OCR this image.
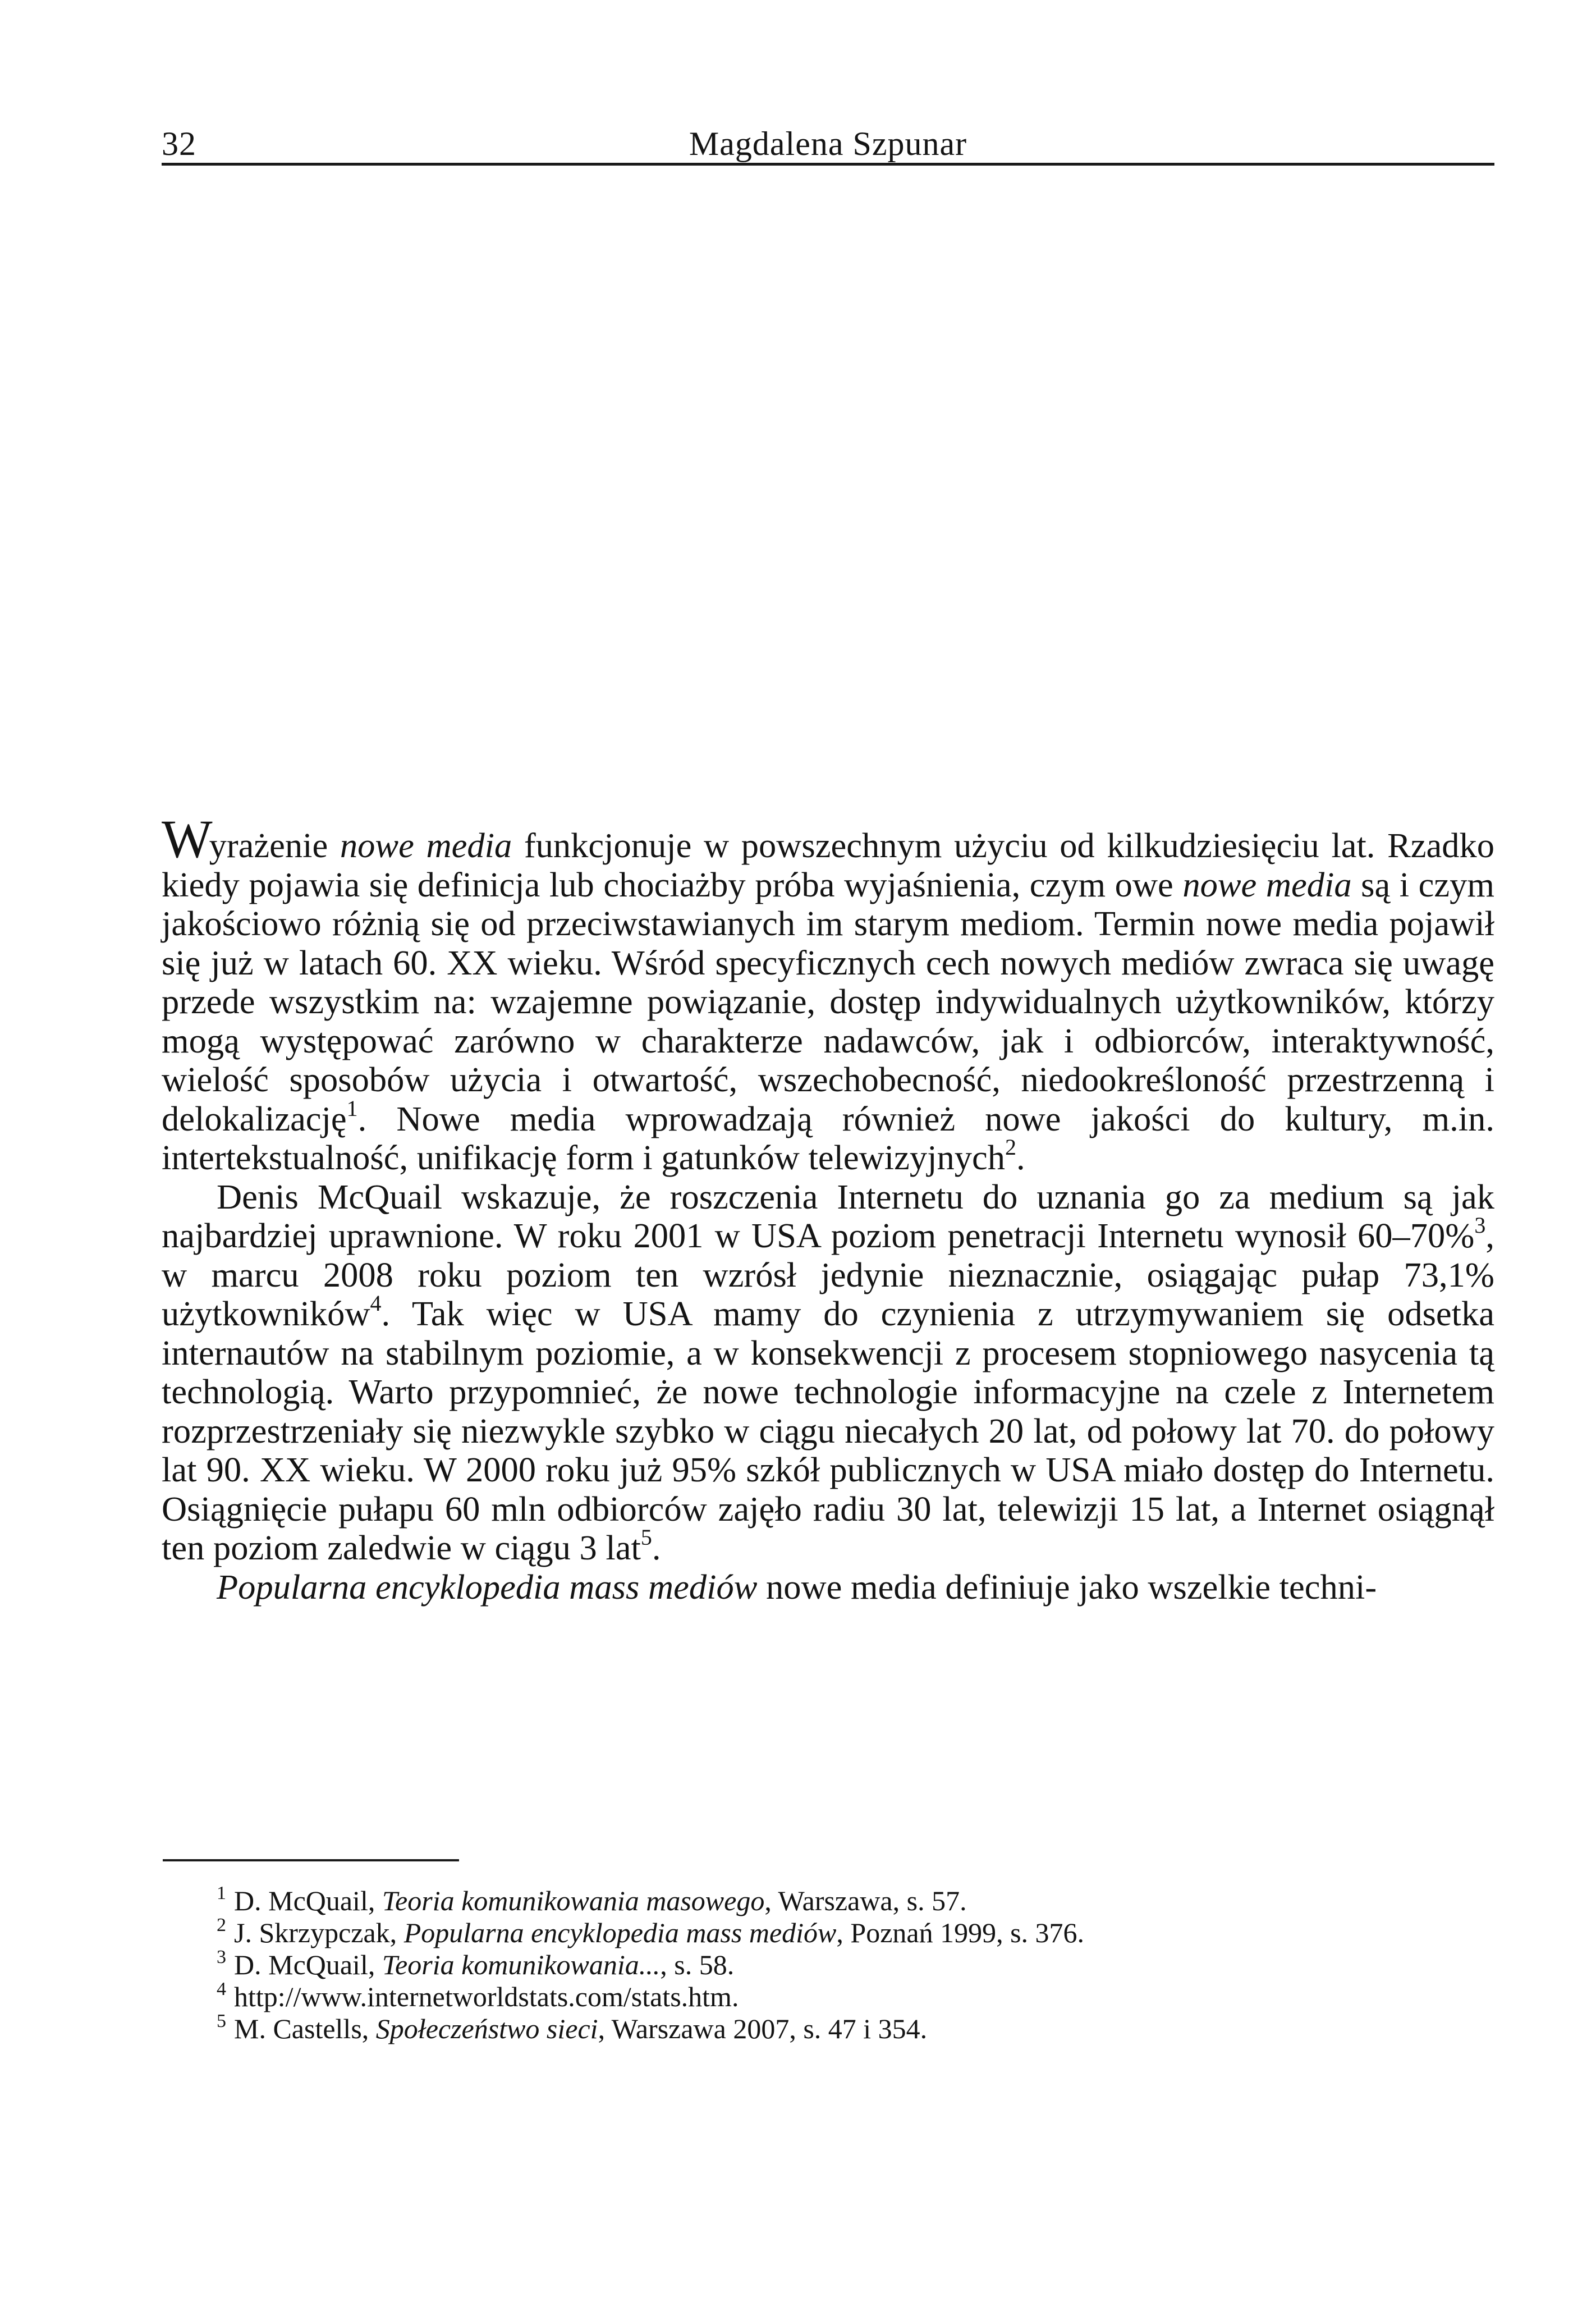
32	Magdalena Szpunar

Wyrażenie nowe media funkcjonuje w powszechnym użyciu od kilkudziesięciu lat. Rzadko kiedy pojawia się definicja lub chociażby próba wyjaśnienia, czym owe nowe media są i czym jakościowo różnią się od przeciwstawianych im starym mediom. Termin nowe media pojawił się już w latach 60. XX wieku. Wśród specyficznych cech nowych mediów zwraca się uwagę przede wszystkim na: wzajemne powiązanie, dostęp indywidualnych użytkowników, którzy mogą występować zarówno w charakterze nadawców, jak i odbiorców, interaktywność, wielość sposobów użycia i otwartość, wszechobecność, niedookreśloność przestrzenną i delokalizację$^1$. Nowe media wprowadzają również nowe jakości do kultury, m.in. intertekstualność, unifikację form i gatunków telewizyjnych$^2$.

Denis McQuail wskazuje, że roszczenia Internetu do uznania go za medium są jak najbardziej uprawnione. W roku 2001 w USA poziom penetracji Internetu wynosił 60–70%$^3$, w marcu 2008 roku poziom ten wzrósł jedynie nieznacznie, osiągając pułap 73,1% użytkowników$^4$. Tak więc w USA mamy do czynienia z utrzymywaniem się odsetka internautów na stabilnym poziomie, a w konsekwencji z procesem stopniowego nasycenia tą technologią. Warto przypomnieć, że nowe technologie informacyjne na czele z Internetem rozprzestrzeniały się niezwykle szybko w ciągu niecałych 20 lat, od połowy lat 70. do połowy lat 90. XX wieku. W 2000 roku już 95% szkół publicznych w USA miało dostęp do Internetu. Osiągnięcie pułapu 60 mln odbiorców zajęło radiu 30 lat, telewizji 15 lat, a Internet osiągnął ten poziom zaledwie w ciągu 3 lat$^5$.

Popularna encyklopedia mass mediów nowe media definiuje jako wszelkie techni-

$^1$ D. McQuail, Teoria komunikowania masowego, Warszawa, s. 57.
$^2$ J. Skrzypczak, Popularna encyklopedia mass mediów, Poznań 1999, s. 376.
$^3$ D. McQuail, Teoria komunikowania..., s. 58.
$^4$ http://www.internetworldstats.com/stats.htm.
$^5$ M. Castells, Społeczeństwo sieci, Warszawa 2007, s. 47 i 354.
